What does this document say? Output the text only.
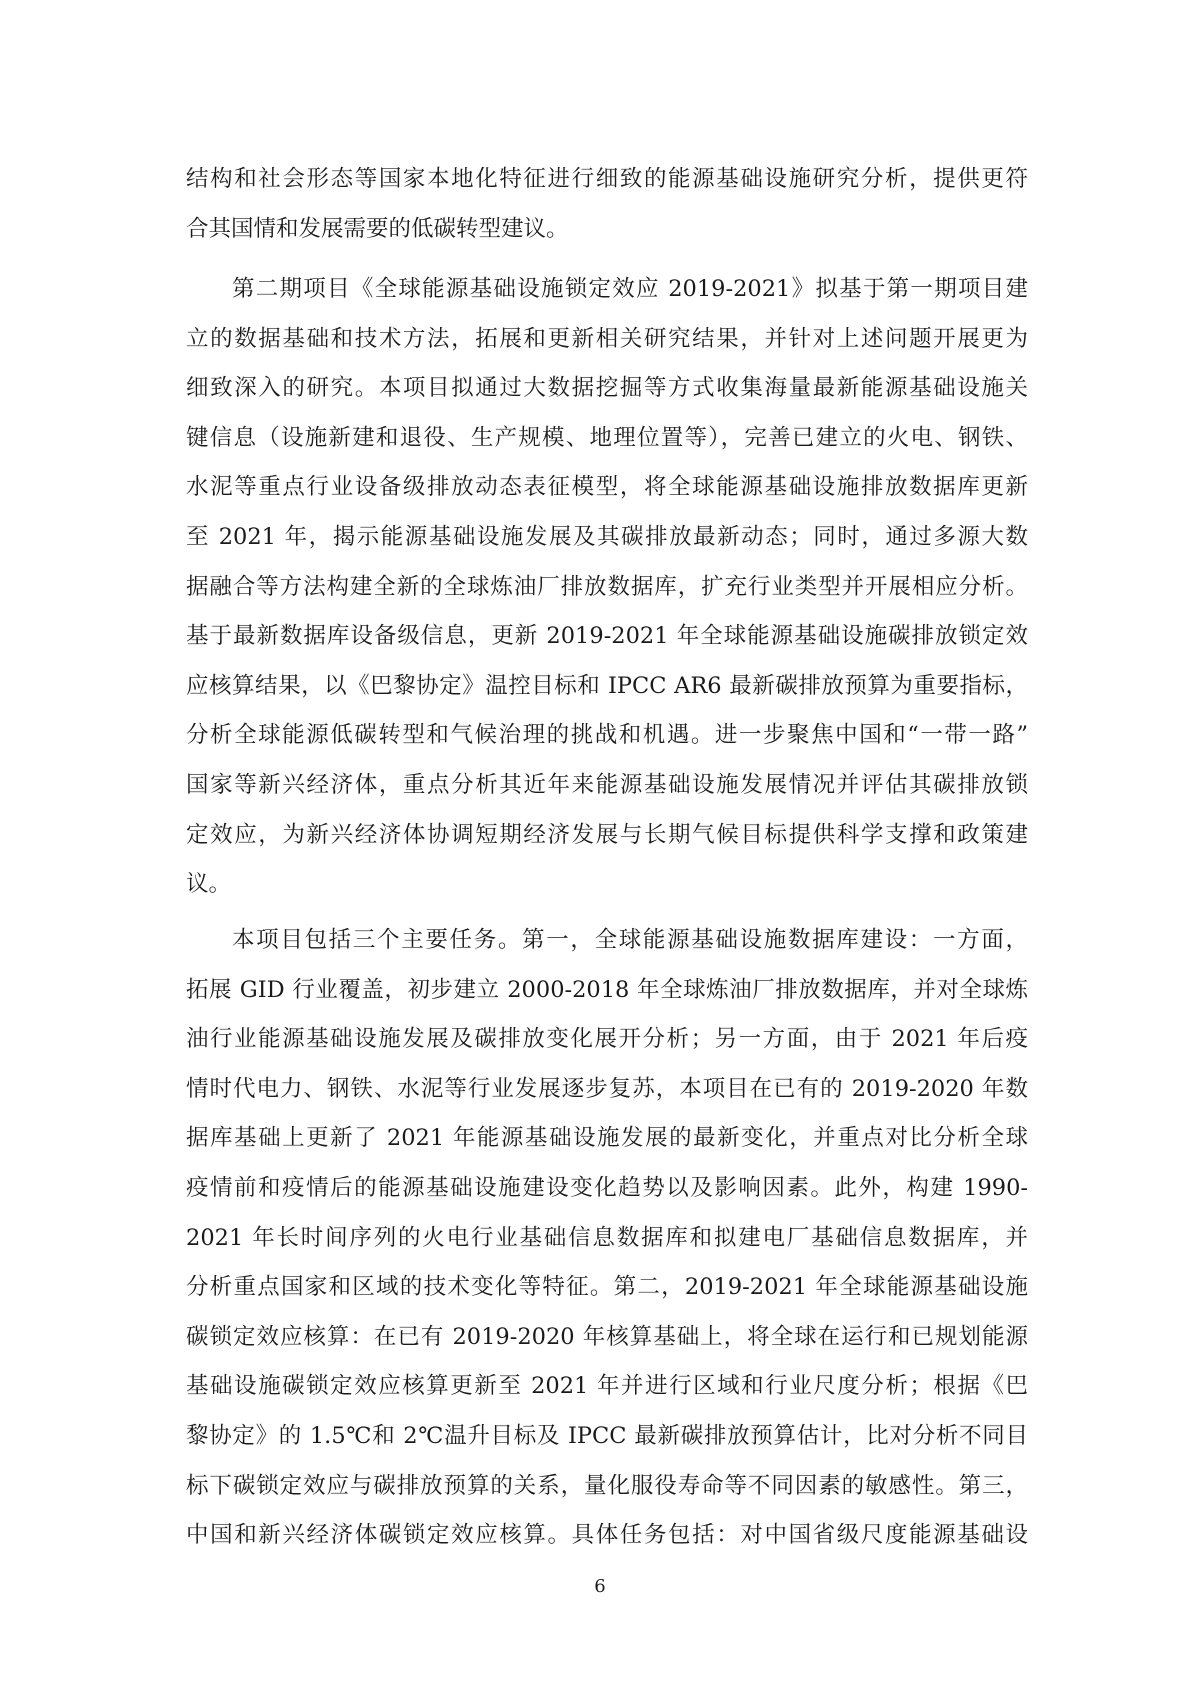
结构和社会形态等国家本地化特征进行细致的能源基础设施研究分析，提供更符
合其国情和发展需要的低碳转型建议。
第二期项目《全球能源基础设施锁定效应 2019-2021》拟基于第一期项目建
立的数据基础和技术方法，拓展和更新相关研究结果，并针对上述问题开展更为
细致深入的研究。本项目拟通过大数据挖掘等方式收集海量最新能源基础设施关
键信息（设施新建和退役、生产规模、地理位置等），完善已建立的火电、钢铁、
水泥等重点行业设备级排放动态表征模型，将全球能源基础设施排放数据库更新
至 2021 年，揭示能源基础设施发展及其碳排放最新动态；同时，通过多源大数
据融合等方法构建全新的全球炼油厂排放数据库，扩充行业类型并开展相应分析。
基于最新数据库设备级信息，更新 2019-2021 年全球能源基础设施碳排放锁定效
应核算结果，以《巴黎协定》温控目标和 IPCC AR6 最新碳排放预算为重要指标，
分析全球能源低碳转型和气候治理的挑战和机遇。进一步聚焦中国和“一带一路”
国家等新兴经济体，重点分析其近年来能源基础设施发展情况并评估其碳排放锁
定效应，为新兴经济体协调短期经济发展与长期气候目标提供科学支撑和政策建
议。
本项目包括三个主要任务。第一，全球能源基础设施数据库建设：一方面，
拓展 GID 行业覆盖，初步建立 2000-2018 年全球炼油厂排放数据库，并对全球炼
油行业能源基础设施发展及碳排放变化展开分析；另一方面，由于 2021 年后疫
情时代电力、钢铁、水泥等行业发展逐步复苏，本项目在已有的 2019-2020 年数
据库基础上更新了 2021 年能源基础设施发展的最新变化，并重点对比分析全球
疫情前和疫情后的能源基础设施建设变化趋势以及影响因素。此外，构建 1990-
2021 年长时间序列的火电行业基础信息数据库和拟建电厂基础信息数据库，并
分析重点国家和区域的技术变化等特征。第二，2019-2021 年全球能源基础设施
碳锁定效应核算：在已有 2019-2020 年核算基础上，将全球在运行和已规划能源
基础设施碳锁定效应核算更新至 2021 年并进行区域和行业尺度分析；根据《巴
黎协定》的 1.5℃和 2℃温升目标及 IPCC 最新碳排放预算估计，比对分析不同目
标下碳锁定效应与碳排放预算的关系，量化服役寿命等不同因素的敏感性。第三，
中国和新兴经济体碳锁定效应核算。具体任务包括：对中国省级尺度能源基础设
6
